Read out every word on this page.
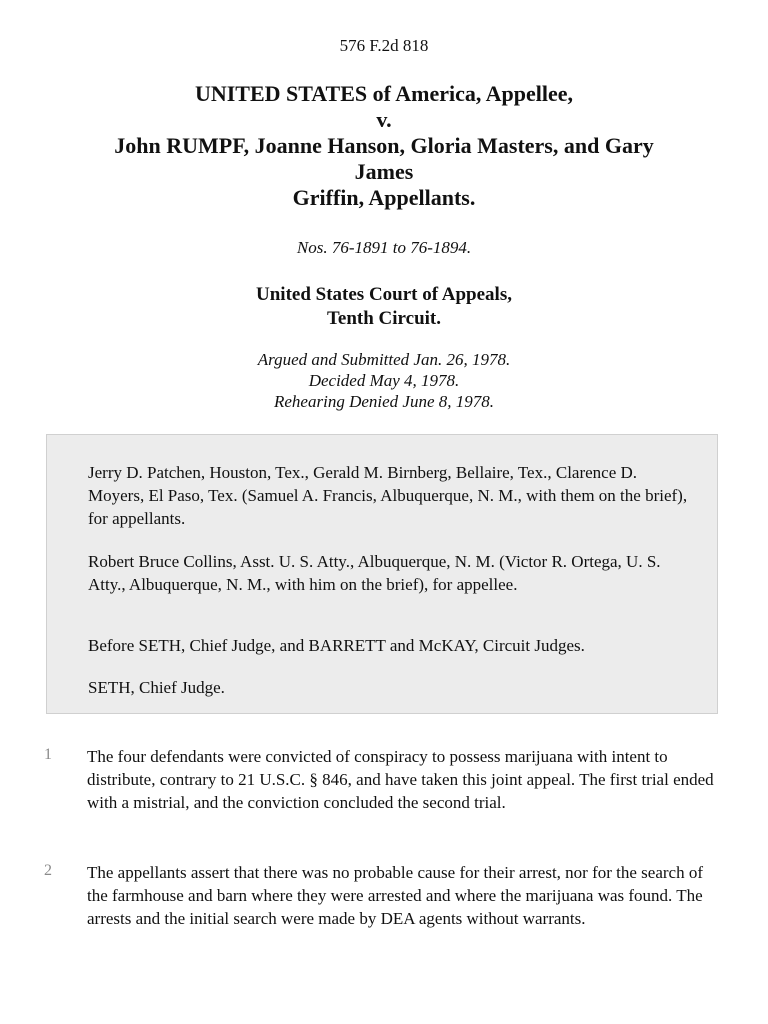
576 F.2d 818
UNITED STATES of America, Appellee,
v.
John RUMPF, Joanne Hanson, Gloria Masters, and Gary
James
Griffin, Appellants.
Nos. 76-1891 to 76-1894.
United States Court of Appeals,
Tenth Circuit.
Argued and Submitted Jan. 26, 1978.
Decided May 4, 1978.
Rehearing Denied June 8, 1978.

Jerry D. Patchen, Houston, Tex., Gerald M. Birnberg, Bellaire, Tex., Clarence D. Moyers, El Paso, Tex. (Samuel A. Francis, Albuquerque, N. M., with them on the brief), for appellants.

Robert Bruce Collins, Asst. U. S. Atty., Albuquerque, N. M. (Victor R. Ortega, U. S. Atty., Albuquerque, N. M., with him on the brief), for appellee.

Before SETH, Chief Judge, and BARRETT and McKAY, Circuit Judges.

SETH, Chief Judge.

1 The four defendants were convicted of conspiracy to possess marijuana with intent to distribute, contrary to 21 U.S.C. § 846, and have taken this joint appeal. The first trial ended with a mistrial, and the conviction concluded the second trial.

2 The appellants assert that there was no probable cause for their arrest, nor for the search of the farmhouse and barn where they were arrested and where the marijuana was found. The arrests and the initial search were made by DEA agents without warrants.
